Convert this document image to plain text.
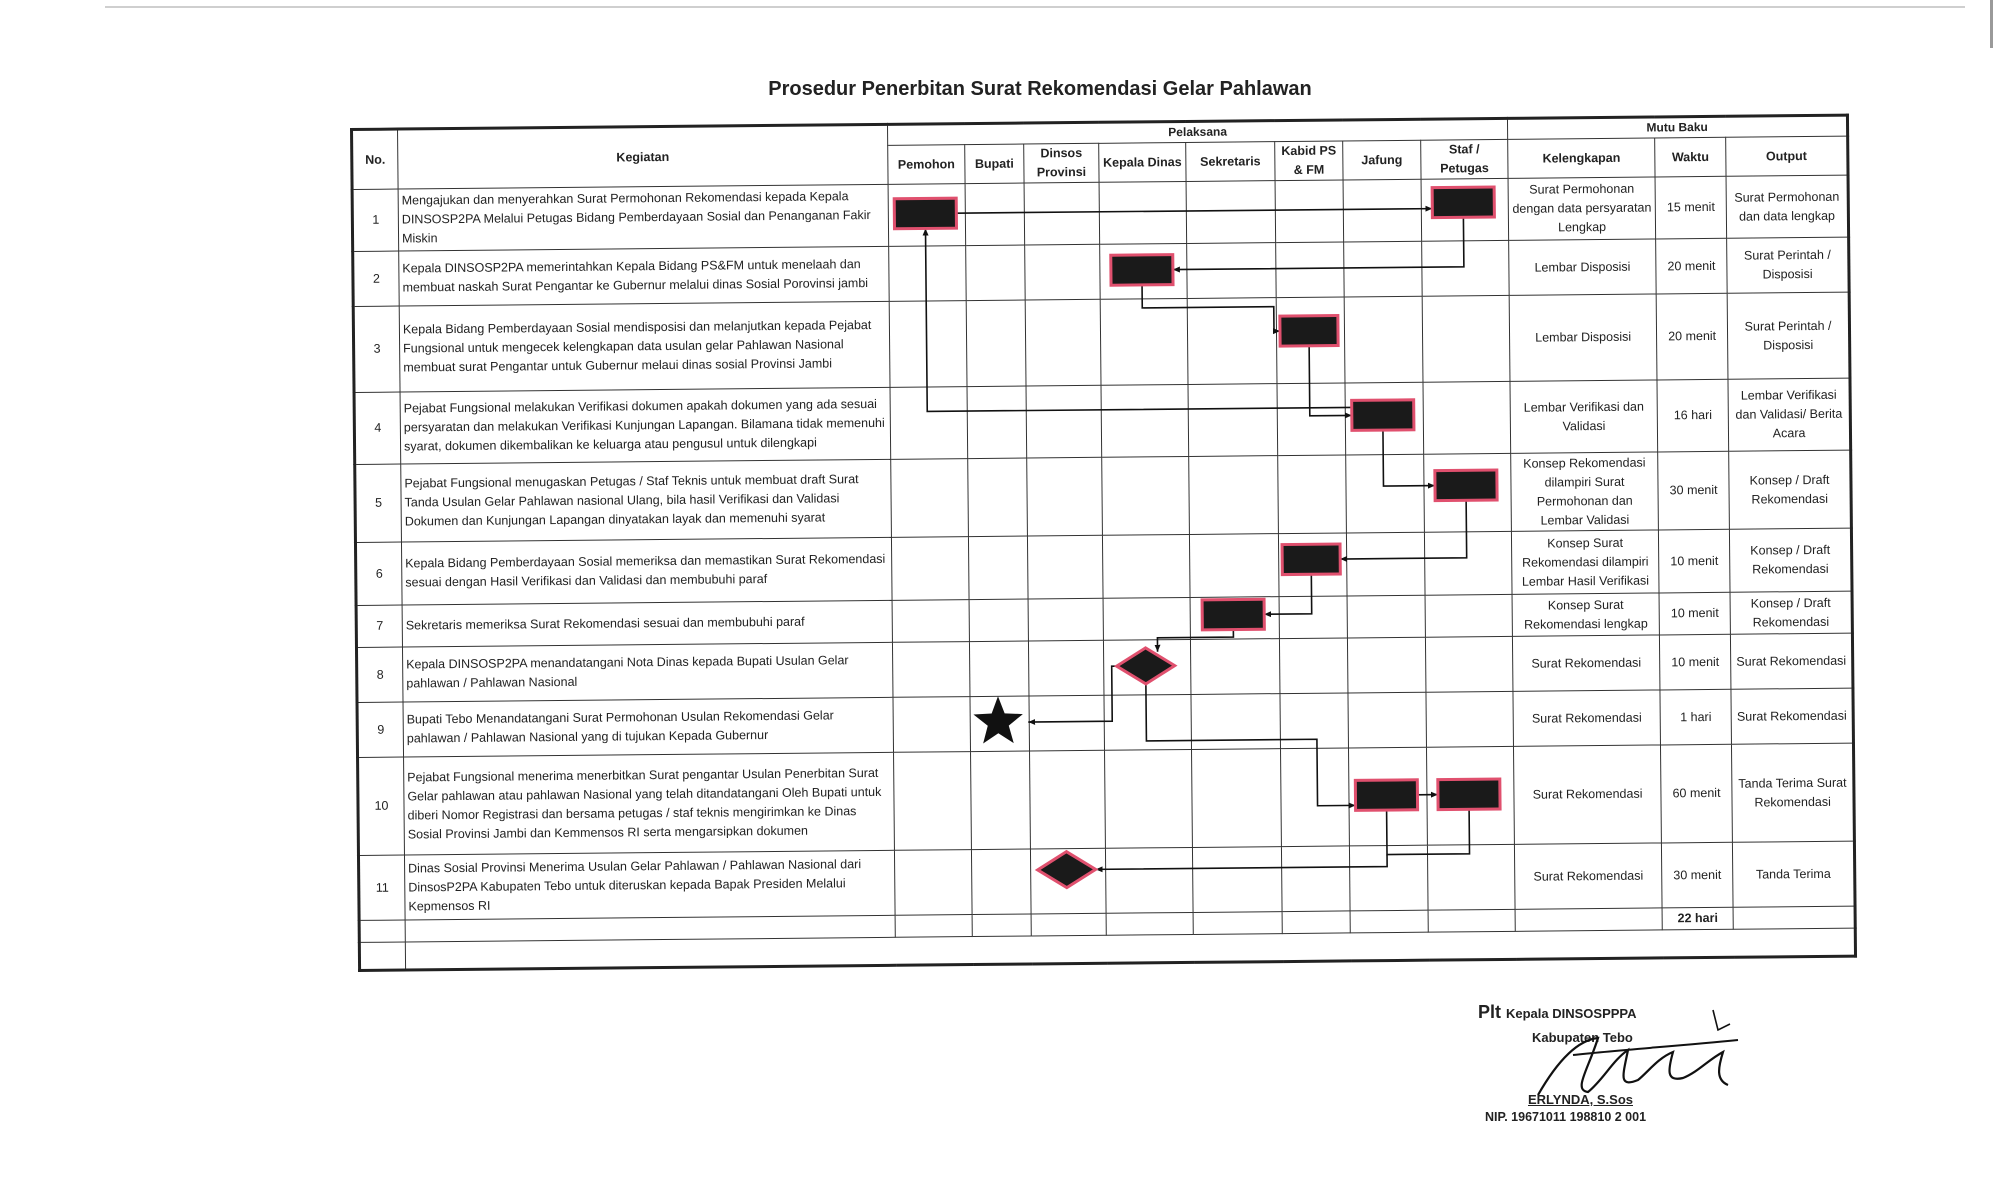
Prosedur Penerbitan Surat Rekomendasi Gelar Pahlawan
No.	Kegiatan	Pelaksana								Mutu Baku		
		Pemohon	Bupati	Dinsos Provinsi	Kepala Dinas	Sekretaris	Kabid PS & FM	Jafung	Staf / Petugas	Kelengkapan	Waktu	Output
1	Mengajukan dan menyerahkan Surat Permohonan Rekomendasi kepada Kepala DINSOSP2PA Melalui Petugas Bidang Pemberdayaan Sosial dan Penanganan Fakir Miskin									Surat Permohonan dengan data persyaratan Lengkap	15 menit	Surat Permohonan dan data lengkap
2	Kepala DINSOSP2PA memerintahkan Kepala Bidang PS&FM untuk menelaah dan membuat naskah Surat Pengantar ke Gubernur melalui dinas Sosial Porovinsi jambi									Lembar Disposisi	20 menit	Surat Perintah / Disposisi
3	Kepala Bidang Pemberdayaan Sosial mendisposisi dan melanjutkan kepada Pejabat Fungsional untuk mengecek kelengkapan data usulan gelar Pahlawan Nasional membuat surat Pengantar untuk Gubernur melaui dinas sosial Provinsi Jambi									Lembar Disposisi	20 menit	Surat Perintah / Disposisi
4	Pejabat Fungsional melakukan Verifikasi dokumen apakah dokumen yang ada sesuai persyaratan dan melakukan Verifikasi Kunjungan Lapangan. Bilamana tidak memenuhi syarat, dokumen dikembalikan ke keluarga atau pengusul untuk dilengkapi									Lembar Verifikasi dan Validasi	16 hari	Lembar Verifikasi dan Validasi/ Berita Acara
5	Pejabat Fungsional menugaskan Petugas / Staf Teknis untuk membuat draft Surat Tanda Usulan Gelar Pahlawan nasional Ulang, bila hasil Verifikasi dan Validasi Dokumen dan Kunjungan Lapangan dinyatakan layak dan memenuhi syarat									Konsep Rekomendasi dilampiri Surat Permohonan dan Lembar Validasi	30 menit	Konsep / Draft Rekomendasi
6	Kepala Bidang Pemberdayaan Sosial memeriksa dan memastikan Surat Rekomendasi sesuai dengan Hasil Verifikasi dan Validasi dan membubuhi paraf									Konsep Surat Rekomendasi dilampiri Lembar Hasil Verifikasi	10 menit	Konsep / Draft Rekomendasi
7	Sekretaris memeriksa Surat Rekomendasi sesuai dan membubuhi paraf									Konsep Surat Rekomendasi lengkap	10 menit	Konsep / Draft Rekomendasi
8	Kepala DINSOSP2PA menandatangani Nota Dinas kepada Bupati Usulan Gelar pahlawan / Pahlawan Nasional									Surat Rekomendasi	10 menit	Surat Rekomendasi
9	Bupati Tebo Menandatangani Surat Permohonan Usulan Rekomendasi Gelar pahlawan / Pahlawan Nasional yang di tujukan Kepada Gubernur									Surat Rekomendasi	1 hari	Surat Rekomendasi
10	Pejabat Fungsional menerima menerbitkan Surat pengantar Usulan Penerbitan Surat Gelar pahlawan atau pahlawan Nasional yang telah ditandatangani Oleh Bupati untuk diberi Nomor Registrasi dan bersama petugas / staf teknis mengirimkan ke Dinas Sosial Provinsi Jambi dan Kemmensos RI serta mengarsipkan dokumen									Surat Rekomendasi	60 menit	Tanda Terima Surat Rekomendasi
11	Dinas Sosial Provinsi Menerima Usulan Gelar Pahlawan / Pahlawan Nasional dari DinsosP2PA Kabupaten Tebo untuk diteruskan kepada Bapak Presiden Melalui Kepmensos RI									Surat Rekomendasi	30 menit	Tanda Terima
											22 hari	

Plt Kepala DINSOSPPPA
Kabupaten Tebo
ERLYNDA, S.Sos
NIP. 19671011 198810 2 001
